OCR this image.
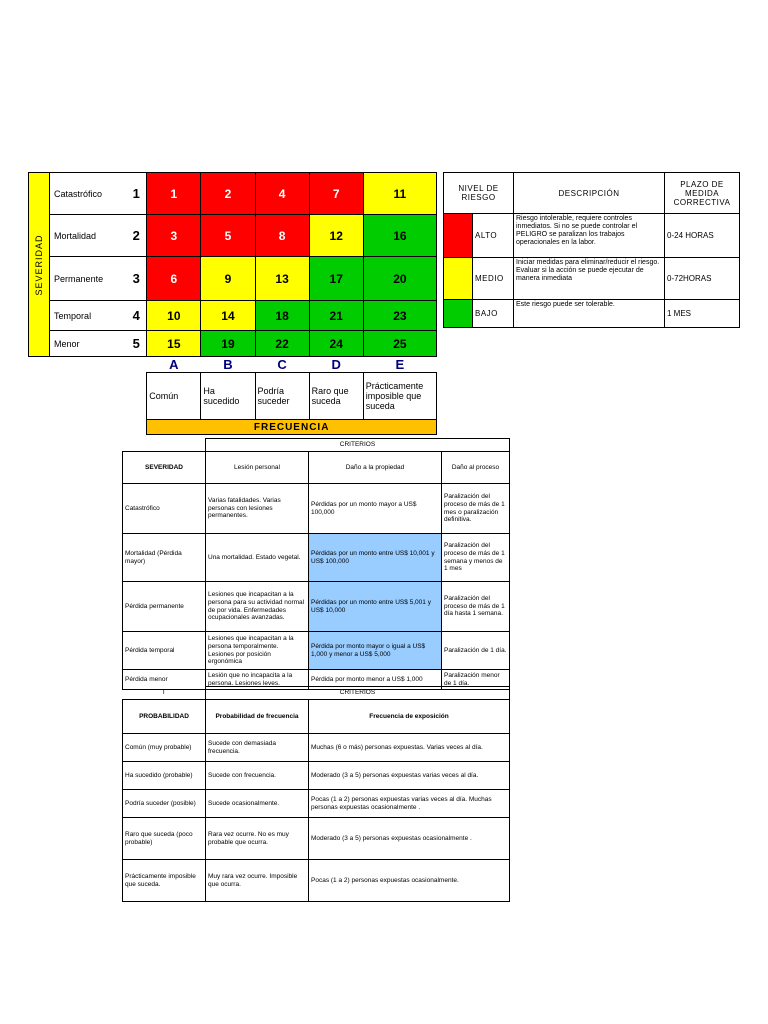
SEVERIDAD	Catastrófico	1	1	2	4	7	11
	Mortalidad	2	3	5	8	12	16
	Permanente	3	6	9	13	17	20
	Temporal	4	10	14	18	21	23
	Menor	5	15	19	22	24	25
			A	B	C	D	E
			Común	Ha sucedido	Podría suceder	Raro que suceda	Prácticamente imposible que suceda
			FRECUENCIA				
NIVEL DE RIESGO		DESCRIPCIÓN	PLAZO DE MEDIDA CORRECTIVA
	ALTO	Riesgo intolerable, requiere controles inmediatos. Si no se puede controlar el PELIGRO se paralizan los trabajos operacionales en la labor.	0-24 HORAS
	MEDIO	Iniciar medidas para eliminar/reducir el riesgo. Evaluar si la acción se puede ejecutar de manera inmediata	0-72HORAS
	BAJO	Este riesgo puede ser tolerable.	1 MES
	CRITERIOS		
SEVERIDAD	Lesión personal	Daño a la propiedad	Daño al proceso
Catastrófico	Varias fatalidades. Varias personas con lesiones permanentes.	Pérdidas por un monto mayor a US$ 100,000	Paralización del proceso de más de 1 mes o paralización definitiva.
Mortalidad (Pérdida mayor)	Una mortalidad. Estado vegetal.	Pérdidas por un monto entre US$ 10,001 y US$ 100,000	Paralización del proceso de más de 1 semana y menos de 1 mes
Pérdida permanente	Lesiones que incapacitan a la persona para su actividad normal de por vida. Enfermedades ocupacionales avanzadas.	Pérdidas por un monto entre US$ 5,001 y US$ 10,000	Paralización del proceso de más de 1 día hasta 1 semana.
Pérdida temporal	Lesiones que incapacitan a la persona temporalmente. Lesiones por posición ergonómica	Pérdida por monto mayor o igual a US$ 1,000 y menor a US$ 5,000	Paralización de 1 día.
Pérdida menor	Lesión que no incapacita a la persona. Lesiones leves.	Pérdida por monto menor a US$ 1,000	Paralización menor de 1 día.
I	CRITERIOS	
PROBABILIDAD	Probabilidad de frecuencia	Frecuencia de exposición
Común (muy probable)	Sucede con demasiada frecuencia.	Muchas (6 o más) personas expuestas. Varias veces al día.
Ha sucedido (probable)	Sucede con frecuencia.	Moderado (3 a 5) personas expuestas varias veces al día.
Podría suceder (posible)	Sucede ocasionalmente.	Pocas (1 a 2) personas expuestas varias veces al día. Muchas personas expuestas ocasionalmente .
Raro que suceda (poco probable)	Rara vez ocurre. No es muy probable que ocurra.	Moderado (3 a 5) personas expuestas ocasionalmente .
Prácticamente imposible que suceda.	Muy rara vez ocurre. Imposible que ocurra.	Pocas (1 a 2) personas expuestas ocasionalmente.
